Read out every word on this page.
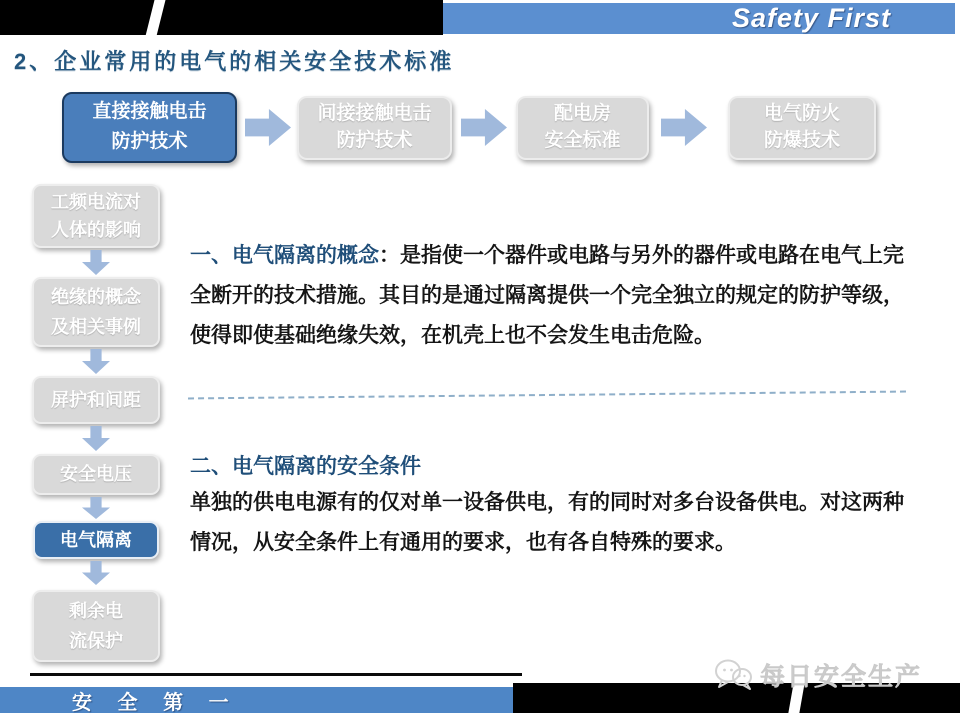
Safety First
2、企业常用的电气的相关安全技术标准
直接接触电击
防护技术
间接接触电击
防护技术
配电房
安全标准
电气防火
防爆技术
工频电流对
人体的影响
绝缘的概念
及相关事例
屏护和间距
安全电压
电气隔离
剩余电
流保护

一、电气隔离的概念：是指使一个器件或电路与另外的器件或电路在电气上完全断开的技术措施。其目的是通过隔离提供一个完全独立的规定的防护等级，使得即使基础绝缘失效，在机壳上也不会发生电击危险。

二、电气隔离的安全条件

单独的供电电源有的仅对单一设备供电，有的同时对多台设备供电。对这两种情况，从安全条件上有通用的要求，也有各自特殊的要求。

每日安全生产
安 全 第 一
